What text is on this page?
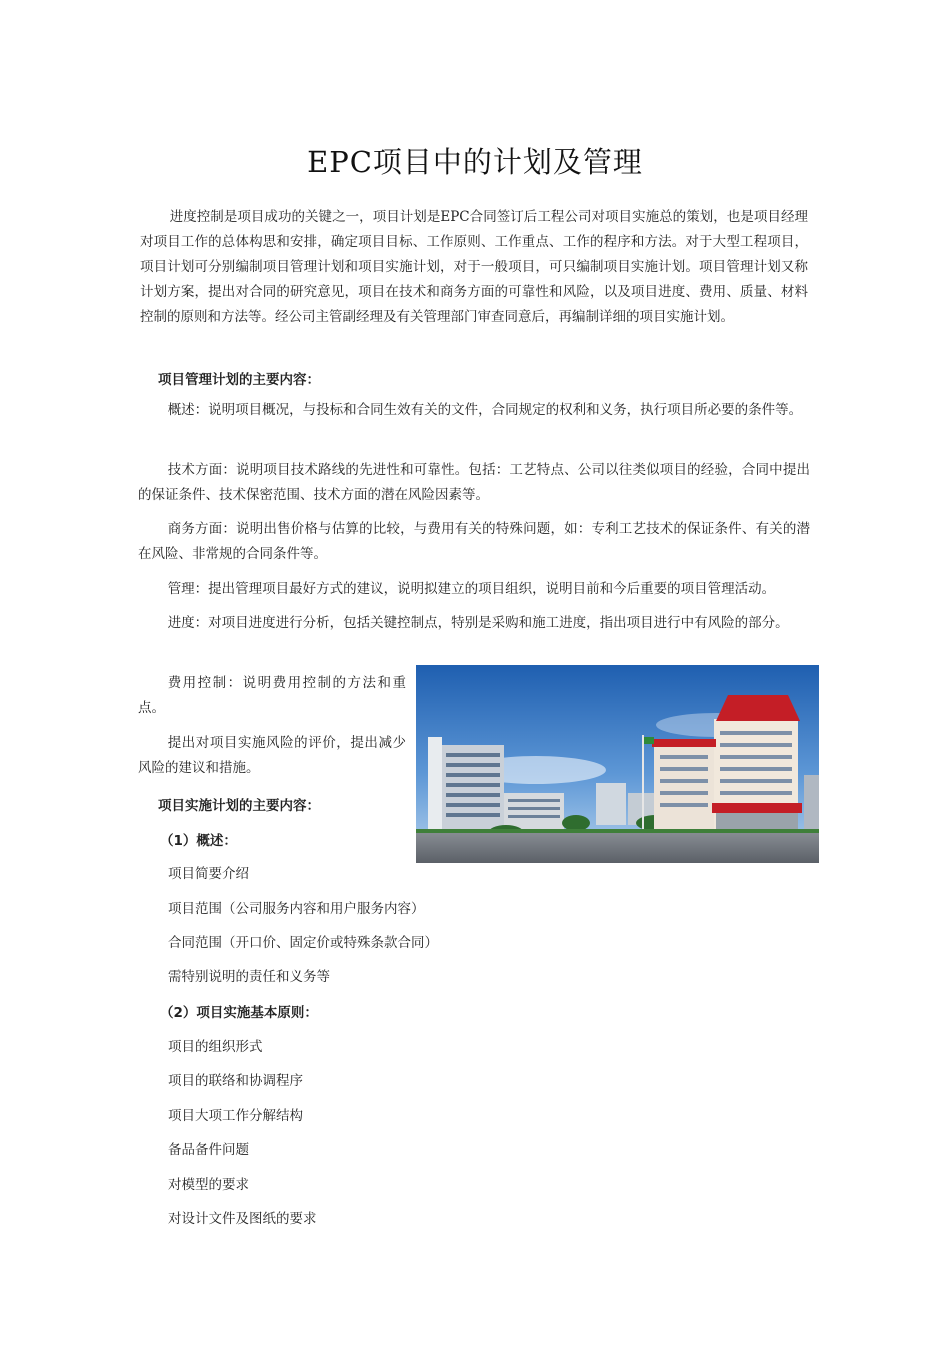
EPC项目中的计划及管理

进度控制是项目成功的关键之一，项目计划是EPC合同签订后工程公司对项目实施总的策划，也是项目经理对项目工作的总体构思和安排，确定项目目标、工作原则、工作重点、工作的程序和方法。对于大型工程项目，项目计划可分别编制项目管理计划和项目实施计划，对于一般项目，可只编制项目实施计划。项目管理计划又称计划方案，提出对合同的研究意见，项目在技术和商务方面的可靠性和风险，以及项目进度、费用、质量、材料控制的原则和方法等。经公司主管副经理及有关管理部门审查同意后，再编制详细的项目实施计划。

项目管理计划的主要内容：

概述：说明项目概况，与投标和合同生效有关的文件，合同规定的权利和义务，执行项目所必要的条件等。

技术方面：说明项目技术路线的先进性和可靠性。包括：工艺特点、公司以往类似项目的经验，合同中提出的保证条件、技术保密范围、技术方面的潜在风险因素等。

商务方面：说明出售价格与估算的比较，与费用有关的特殊问题，如：专利工艺技术的保证条件、有关的潜在风险、非常规的合同条件等。

管理：提出管理项目最好方式的建议，说明拟建立的项目组织，说明目前和今后重要的项目管理活动。

进度：对项目进度进行分析，包括关键控制点，特别是采购和施工进度，指出项目进行中有风险的部分。

费用控制：说明费用控制的方法和重点。

提出对项目实施风险的评价，提出减少风险的建议和措施。

项目实施计划的主要内容：

（1）概述：

项目简要介绍

项目范围（公司服务内容和用户服务内容）

合同范围（开口价、固定价或特殊条款合同）

需特别说明的责任和义务等

（2）项目实施基本原则：

项目的组织形式

项目的联络和协调程序

项目大项工作分解结构

备品备件问题

对模型的要求

对设计文件及图纸的要求
